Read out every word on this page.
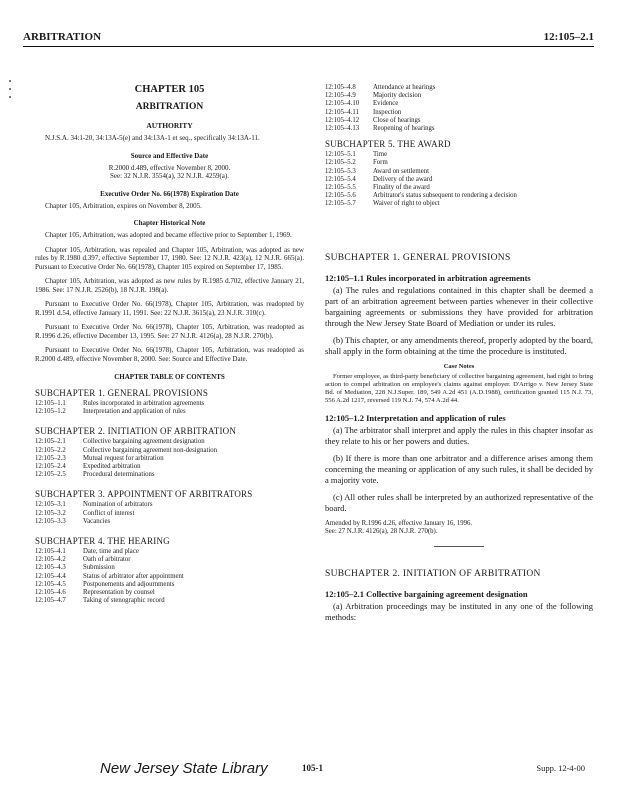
ARBITRATION	12:105–2.1
CHAPTER 105
ARBITRATION
AUTHORITY
N.J.S.A. 34:1-20, 34:13A-5(e) and 34:13A-1 et seq., specifically 34:13A-11.
Source and Effective Date
R.2000 d.489, effective November 8, 2000.
See: 32 N.J.R. 3554(a), 32 N.J.R. 4259(a).
Executive Order No. 66(1978) Expiration Date
Chapter 105, Arbitration, expires on November 8, 2005.
Chapter Historical Note
Chapter 105, Arbitration, was adopted and became effective prior to September 1, 1969.
Chapter 105, Arbitration, was repealed and Chapter 105, Arbitration, was adopted as new rules by R.1980 d.397, effective September 17, 1980. See: 12 N.J.R. 423(a), 12 N.J.R. 665(a). Pursuant to Executive Order No. 66(1978), Chapter 105 expired on September 17, 1985.
Chapter 105, Arbitration, was adopted as new rules by R.1985 d.702, effective January 21, 1986. See: 17 N.J.R. 2526(b), 18 N.J.R. 198(a).
Pursuant to Executive Order No. 66(1978), Chapter 105, Arbitration, was readopted by R.1991 d.54, effective January 11, 1991. See: 22 N.J.R. 3615(a), 23 N.J.R. 310(c).
Pursuant to Executive Order No. 66(1978), Chapter 105, Arbitration, was readopted as R.1996 d.26, effective December 13, 1995. See: 27 N.J.R. 4126(a), 28 N.J.R. 270(b).
Pursuant to Executive Order No. 66(1978), Chapter 105, Arbitration, was readopted as R.2000 d.489, effective November 8, 2000. See: Source and Effective Date.
CHAPTER TABLE OF CONTENTS
SUBCHAPTER 1. GENERAL PROVISIONS
12:105–1.1	Rules incorporated in arbitration agreements
12:105–1.2	Interpretation and application of rules
SUBCHAPTER 2. INITIATION OF ARBITRATION
12:105–2.1	Collective bargaining agreement designation
12:105–2.2	Collective bargaining agreement non-designation
12:105–2.3	Mutual request for arbitration
12:105–2.4	Expedited arbitration
12:105–2.5	Procedural determinations
SUBCHAPTER 3. APPOINTMENT OF ARBITRATORS
12:105–3.1	Nomination of arbitrators
12:105–3.2	Conflict of interest
12:105–3.3	Vacancies
SUBCHAPTER 4. THE HEARING
12:105–4.1	Date, time and place
12:105–4.2	Oath of arbitrator
12:105–4.3	Submission
12:105–4.4	Status of arbitrator after appointment
12:105–4.5	Postponements and adjournments
12:105–4.6	Representation by counsel
12:105–4.7	Taking of stenographic record
12:105–4.8	Attendance at hearings
12:105–4.9	Majority decision
12:105–4.10	Evidence
12:105–4.11	Inspection
12:105–4.12	Close of hearings
12:105–4.13	Reopening of hearings
SUBCHAPTER 5. THE AWARD
12:105–5.1	Time
12:105–5.2	Form
12:105–5.3	Award on settlement
12:105–5.4	Delivery of the award
12:105–5.5	Finality of the award
12:105–5.6	Arbitrator's status subsequent to rendering a decision
12:105–5.7	Waiver of right to object
SUBCHAPTER 1. GENERAL PROVISIONS
12:105–1.1 Rules incorporated in arbitration agreements
(a) The rules and regulations contained in this chapter shall be deemed a part of an arbitration agreement between parties whenever in their collective bargaining agreements or submissions they have provided for arbitration through the New Jersey State Board of Mediation or under its rules.
(b) This chapter, or any amendments thereof, properly adopted by the board, shall apply in the form obtaining at the time the procedure is instituted.
Case Notes
Former employee, as third-party beneficiary of collective bargaining agreement, had right to bring action to compel arbitration on employee's claims against employer. D'Arrigo v. New Jersey State Bd. of Mediation, 228 N.J.Super. 189, 549 A.2d 451 (A.D.1988), certification granted 115 N.J. 73, 556 A.2d 1217, reversed 119 N.J. 74, 574 A.2d 44.
12:105–1.2 Interpretation and application of rules
(a) The arbitrator shall interpret and apply the rules in this chapter insofar as they relate to his or her powers and duties.
(b) If there is more than one arbitrator and a difference arises among them concerning the meaning or application of any such rules, it shall be decided by a majority vote.
(c) All other rules shall be interpreted by an authorized representative of the board.
Amended by R.1996 d.26, effective January 16, 1996.
See: 27 N.J.R. 4126(a), 28 N.J.R. 270(b).
SUBCHAPTER 2. INITIATION OF ARBITRATION
12:105–2.1 Collective bargaining agreement designation
(a) Arbitration proceedings may be instituted in any one of the following methods:
New Jersey State Library	105-1	Supp. 12-4-00
